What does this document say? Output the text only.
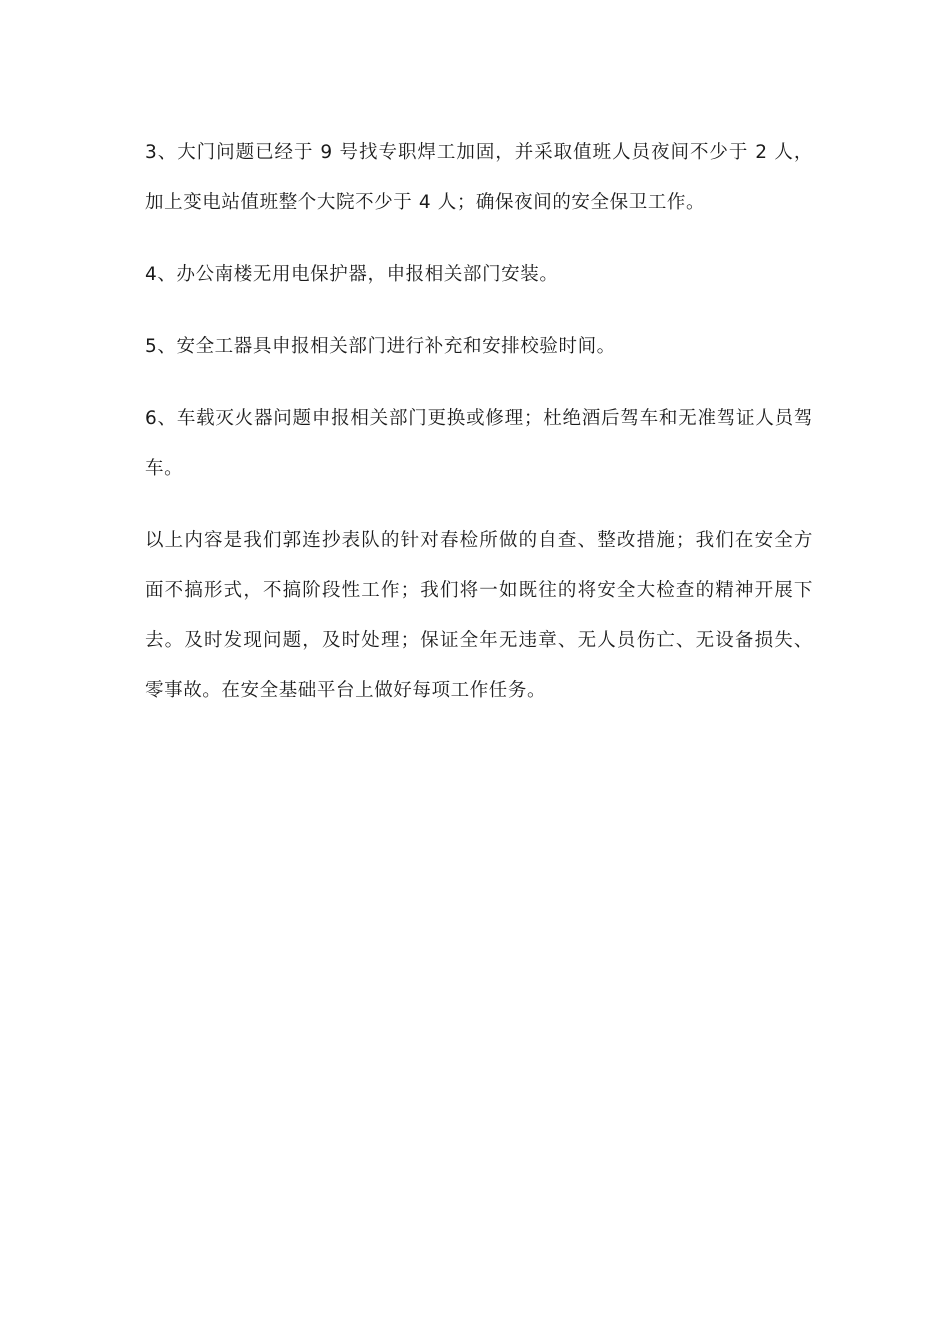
3、大门问题已经于 9 号找专职焊工加固，并采取值班人员夜间不少于 2 人，加上变电站值班整个大院不少于 4 人；确保夜间的安全保卫工作。

4、办公南楼无用电保护器，申报相关部门安装。

5、安全工器具申报相关部门进行补充和安排校验时间。

6、车载灭火器问题申报相关部门更换或修理；杜绝酒后驾车和无准驾证人员驾车。

以上内容是我们郭连抄表队的针对春检所做的自查、整改措施；我们在安全方面不搞形式，不搞阶段性工作；我们将一如既往的将安全大检查的精神开展下去。及时发现问题，及时处理；保证全年无违章、无人员伤亡、无设备损失、零事故。在安全基础平台上做好每项工作任务。
